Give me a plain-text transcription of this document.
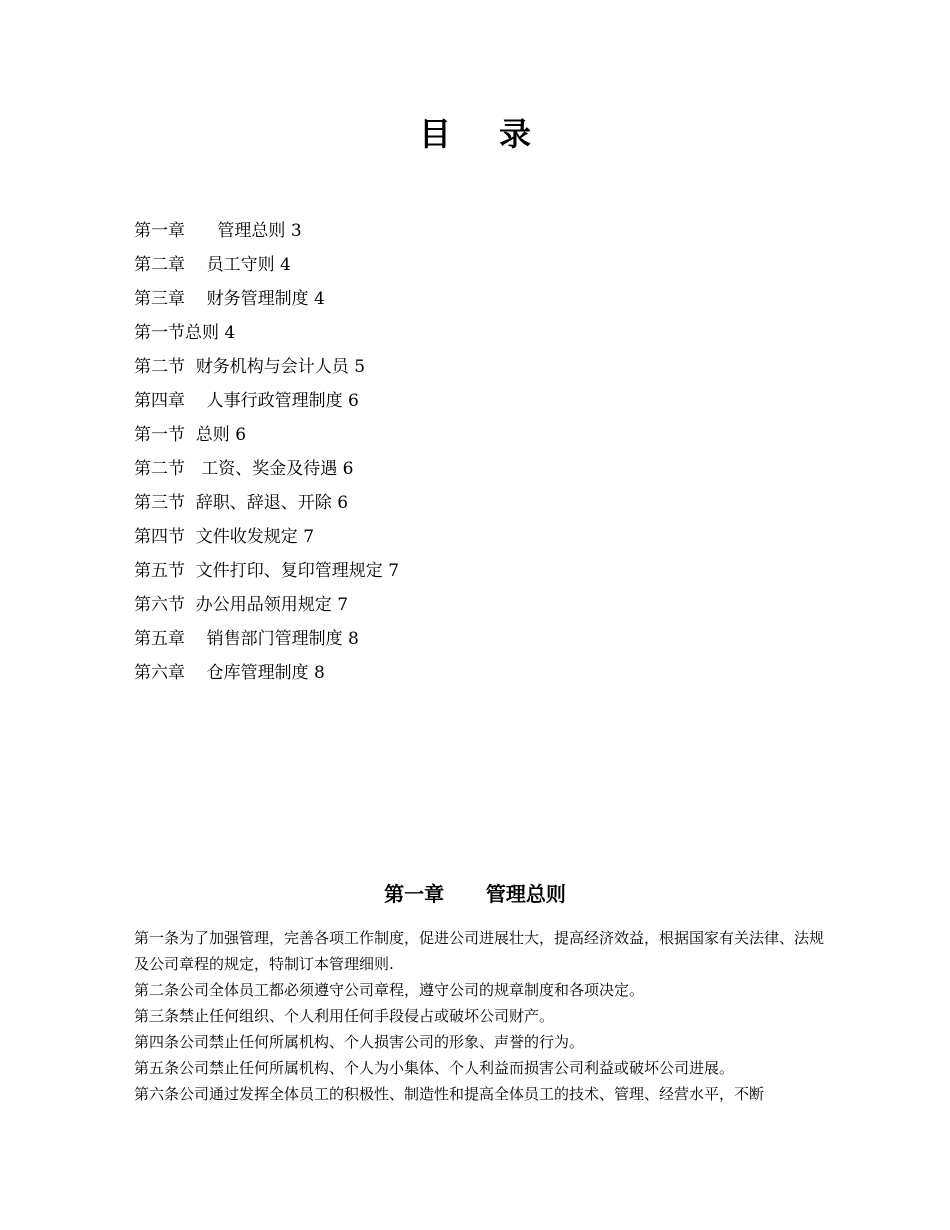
目 录
第一章      管理总则 3
第二章    员工守则 4
第三章    财务管理制度 4
第一节总则 4
第二节  财务机构与会计人员 5
第四章    人事行政管理制度 6
第一节  总则 6
第二节   工资、奖金及待遇 6
第三节  辞职、辞退、开除 6
第四节  文件收发规定 7
第五节  文件打印、复印管理规定 7
第六节  办公用品领用规定 7
第五章    销售部门管理制度 8
第六章    仓库管理制度 8
第一章      管理总则

第一条为了加强管理，完善各项工作制度，促进公司进展壮大，提高经济效益，根据国家有关法律、法规及公司章程的规定，特制订本管理细则.

第二条公司全体员工都必须遵守公司章程，遵守公司的规章制度和各项决定。

第三条禁止任何组织、个人利用任何手段侵占或破坏公司财产。

第四条公司禁止任何所属机构、个人损害公司的形象、声誉的行为。

第五条公司禁止任何所属机构、个人为小集体、个人利益而损害公司利益或破坏公司进展。

第六条公司通过发挥全体员工的积极性、制造性和提高全体员工的技术、管理、经营水平，不断
